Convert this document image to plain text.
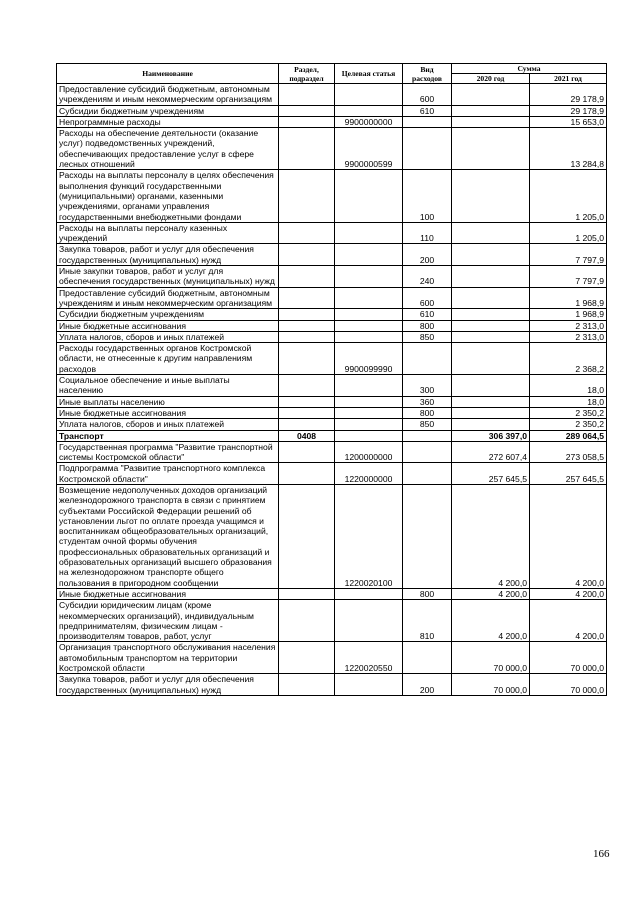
Наименование	Раздел, подраздел	Целевая статья	Вид расходов	Сумма	
				2020 год	2021 год
Предоставление субсидий бюджетным, автономным учреждениям и иным некоммерческим организациям			600		29 178,9
Субсидии бюджетным учреждениям			610		29 178,9
Непрограммные расходы		9900000000			15 653,0
Расходы на обеспечение деятельности (оказание услуг) подведомственных учреждений, обеспечивающих предоставление услуг в сфере лесных отношений		9900000599			13 284,8
Расходы на выплаты персоналу в целях обеспечения выполнения функций государственными (муниципальными) органами, казенными учреждениями, органами управления государственными внебюджетными фондами			100		1 205,0
Расходы на выплаты персоналу казенных учреждений			110		1 205,0
Закупка товаров, работ и услуг для обеспечения государственных (муниципальных) нужд			200		7 797,9
Иные закупки товаров, работ и услуг для обеспечения государственных (муниципальных) нужд			240		7 797,9
Предоставление субсидий бюджетным, автономным учреждениям и иным некоммерческим организациям			600		1 968,9
Субсидии бюджетным учреждениям			610		1 968,9
Иные бюджетные ассигнования			800		2 313,0
Уплата налогов, сборов и иных платежей			850		2 313,0
Расходы государственных органов Костромской области, не отнесенные к другим направлениям расходов		9900099990			2 368,2
Социальное обеспечение и иные выплаты населению			300		18,0
Иные выплаты населению			360		18,0
Иные бюджетные ассигнования			800		2 350,2
Уплата налогов, сборов и иных платежей			850		2 350,2
Транспорт	0408			306 397,0	289 064,5
Государственная программа "Развитие транспортной системы Костромской области"		1200000000		272 607,4	273 058,5
Подпрограмма "Развитие транспортного комплекса Костромской области"		1220000000		257 645,5	257 645,5
Возмещение недополученных доходов организаций железнодорожного транспорта в связи с принятием субъектами Российской Федерации решений об установлении льгот по оплате проезда учащимся и воспитанникам общеобразовательных организаций, студентам очной формы обучения профессиональных образовательных организаций и образовательных организаций высшего образования на железнодорожном транспорте общего пользования в пригородном сообщении		1220020100		4 200,0	4 200,0
Иные бюджетные ассигнования			800	4 200,0	4 200,0
Субсидии юридическим лицам (кроме некоммерческих организаций), индивидуальным предпринимателям, физическим лицам - производителям товаров, работ, услуг			810	4 200,0	4 200,0
Организация транспортного обслуживания населения автомобильным транспортом на территории Костромской области		1220020550		70 000,0	70 000,0
Закупка товаров, работ и услуг для обеспечения государственных (муниципальных) нужд			200	70 000,0	70 000,0
166
